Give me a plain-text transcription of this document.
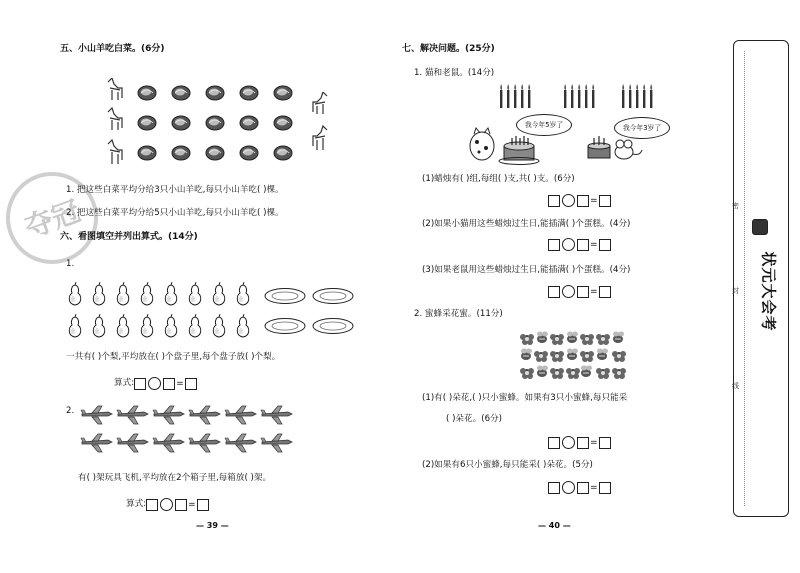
夺冠
五、小山羊吃白菜。(6分)
1. 把这些白菜平均分给3只小山羊吃,每只小山羊吃( )棵。
2. 把这些白菜平均分给5只小山羊吃,每只小山羊吃( )棵。
六、看图填空并列出算式。(14分)
1.
一共有( )个梨,平均放在( )个盘子里,每个盘子放( )个梨。
算式:	=
2.
有( )架玩具飞机,平均放在2个箱子里,每箱放( )架。
算式:	=
— 39 —
七、解决问题。(25分)
1. 猫和老鼠。(14分)
我今年5岁了	我今年3岁了
(1)蜡烛有( )组,每组( )支,共( )支。(6分)
=
(2)如果小猫用这些蜡烛过生日,能插满( )个蛋糕。(4分)
=
(3)如果老鼠用这些蜡烛过生日,能插满( )个蛋糕。(4分)
=
2. 蜜蜂采花蜜。(11分)
(1)有( )朵花,( )只小蜜蜂。如果有3只小蜜蜂,每只能采
( )朵花。(6分)
=
(2)如果有6只小蜜蜂,每只能采( )朵花。(5分)
=
— 40 —
密
封
线
状元大会考
